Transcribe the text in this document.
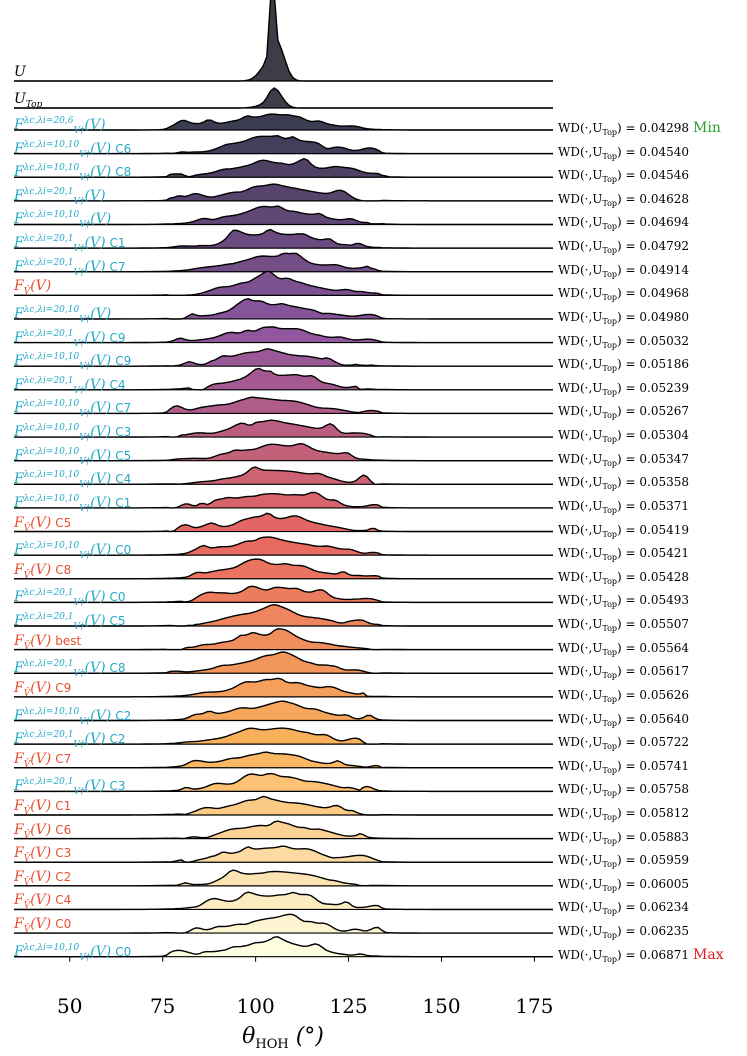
U
$U_{Top}$
$F^{\lambda c,\lambda i=20,6}_{V\dagger}(V)$	$WD(\cdot,U_{Top}) = 0.04298$ Min
$F^{\lambda c,\lambda i=10,10}_{V\dagger}(V)$ C6	$WD(\cdot,U_{Top}) = 0.04540$
$F^{\lambda c,\lambda i=10,10}_{V\dagger}(V)$ C8	$WD(\cdot,U_{Top}) = 0.04546$
$F^{\lambda c,\lambda i=20,1}_{V\dagger}(V)$	$WD(\cdot,U_{Top}) = 0.04628$
$F^{\lambda c,\lambda i=10,10}_{V\dagger}(V)$	$WD(\cdot,U_{Top}) = 0.04694$
$F^{\lambda c,\lambda i=20,1}_{V\dagger}(V)$ C1	$WD(\cdot,U_{Top}) = 0.04792$
$F^{\lambda c,\lambda i=20,1}_{V\dagger}(V)$ C7	$WD(\cdot,U_{Top}) = 0.04914$
$F_{V̄}(V)$	$WD(\cdot,U_{Top}) = 0.04968$
$F^{\lambda c,\lambda i=20,10}_{V\dagger}(V)$	$WD(\cdot,U_{Top}) = 0.04980$
$F^{\lambda c,\lambda i=20,1}_{V\dagger}(V)$ C9	$WD(\cdot,U_{Top}) = 0.05032$
$F^{\lambda c,\lambda i=10,10}_{V\dagger}(V)$ C9	$WD(\cdot,U_{Top}) = 0.05186$
$F^{\lambda c,\lambda i=20,1}_{V\dagger}(V)$ C4	$WD(\cdot,U_{Top}) = 0.05239$
$F^{\lambda c,\lambda i=10,10}_{V\dagger}(V)$ C7	$WD(\cdot,U_{Top}) = 0.05267$
$F^{\lambda c,\lambda i=10,10}_{V\dagger}(V)$ C3	$WD(\cdot,U_{Top}) = 0.05304$
$F^{\lambda c,\lambda i=10,10}_{V\dagger}(V)$ C5	$WD(\cdot,U_{Top}) = 0.05347$
$F^{\lambda c,\lambda i=10,10}_{V\dagger}(V)$ C4	$WD(\cdot,U_{Top}) = 0.05358$
$F^{\lambda c,\lambda i=10,10}_{V\dagger}(V)$ C1	$WD(\cdot,U_{Top}) = 0.05371$
$F_{V̄}(V)$ C5	$WD(\cdot,U_{Top}) = 0.05419$
$F^{\lambda c,\lambda i=10,10}_{V\dagger}(V)$ C0	$WD(\cdot,U_{Top}) = 0.05421$
$F_{V̄}(V)$ C8	$WD(\cdot,U_{Top}) = 0.05428$
$F^{\lambda c,\lambda i=20,1}_{V\dagger}(V)$ C0	$WD(\cdot,U_{Top}) = 0.05493$
$F^{\lambda c,\lambda i=20,1}_{V\dagger}(V)$ C5	$WD(\cdot,U_{Top}) = 0.05507$
$F_{V̄}(V)$ best	$WD(\cdot,U_{Top}) = 0.05564$
$F^{\lambda c,\lambda i=20,1}_{V\dagger}(V)$ C8	$WD(\cdot,U_{Top}) = 0.05617$
$F_{V̄}(V)$ C9	$WD(\cdot,U_{Top}) = 0.05626$
$F^{\lambda c,\lambda i=10,10}_{V\dagger}(V)$ C2	$WD(\cdot,U_{Top}) = 0.05640$
$F^{\lambda c,\lambda i=20,1}_{V\dagger}(V)$ C2	$WD(\cdot,U_{Top}) = 0.05722$
$F_{V̄}(V)$ C7	$WD(\cdot,U_{Top}) = 0.05741$
$F^{\lambda c,\lambda i=20,1}_{V\dagger}(V)$ C3	$WD(\cdot,U_{Top}) = 0.05758$
$F_{V̄}(V)$ C1	$WD(\cdot,U_{Top}) = 0.05812$
$F_{V̄}(V)$ C6	$WD(\cdot,U_{Top}) = 0.05883$
$F_{V̄}(V)$ C3	$WD(\cdot,U_{Top}) = 0.05959$
$F_{V̄}(V)$ C2	$WD(\cdot,U_{Top}) = 0.06005$
$F_{V̄}(V)$ C4	$WD(\cdot,U_{Top}) = 0.06234$
$F_{V̄}(V)$ C0	$WD(\cdot,U_{Top}) = 0.06235$
$F^{\lambda c,\lambda i=10,10}_{V\dagger}(V)$ C0	$WD(\cdot,U_{Top}) = 0.06871$ Max
50	75	100	125	150	175
$\theta_{HOH}$ (°)
